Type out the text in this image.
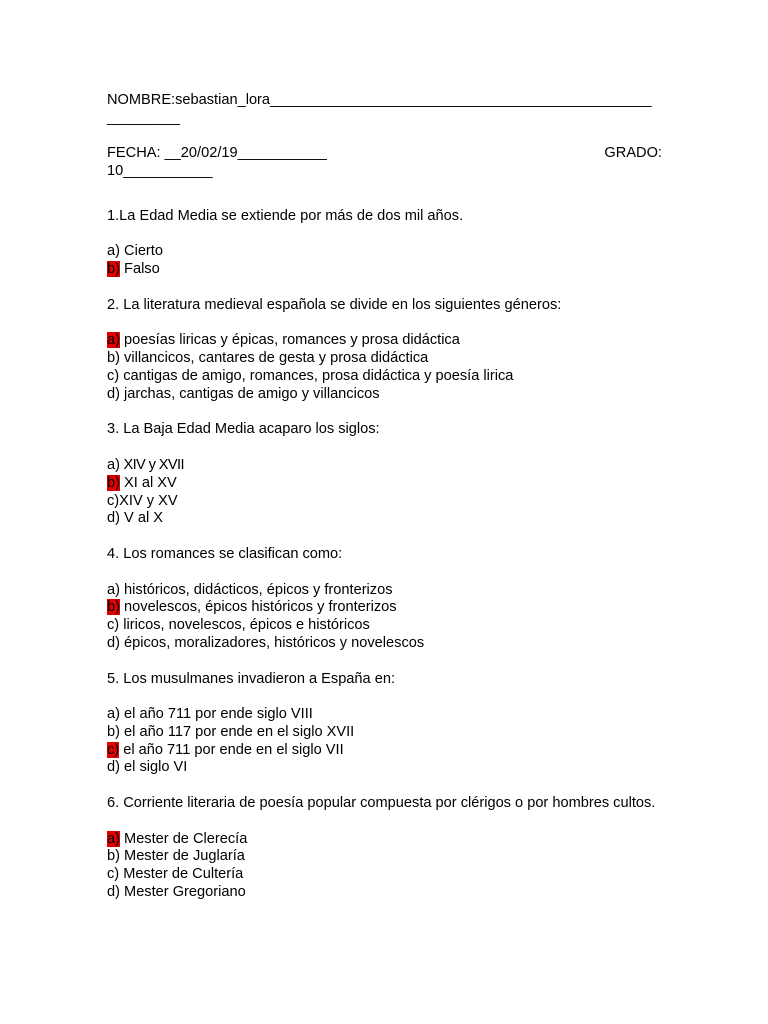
NOMBRE:sebastian_lora_______________________________________________
_________
FECHA: __20/02/19___________	GRADO:
10___________
1.La Edad Media se extiende por más de dos mil años.
a) Cierto
b) Falso
2. La literatura medieval española se divide en los siguientes géneros:
a) poesías liricas y épicas, romances y prosa didáctica
b) villancicos, cantares de gesta y prosa didáctica
c) cantigas de amigo, romances, prosa didáctica y poesía lirica
d) jarchas, cantigas de amigo y villancicos
3. La Baja Edad Media acaparo los siglos:
a) XIV y XVII
b) XI al XV
c)XIV y XV
d) V al X
4. Los romances se clasifican como:
a) históricos, didácticos, épicos y fronterizos
b) novelescos, épicos históricos y fronterizos
c) liricos, novelescos, épicos e históricos
d) épicos, moralizadores, históricos y novelescos
5. Los musulmanes invadieron a España en:
a) el año 711 por ende siglo VIII
b) el año 117 por ende en el siglo XVII
c) el año 711 por ende en el siglo VII
d) el siglo VI
6. Corriente literaria de poesía popular compuesta por clérigos o por hombres cultos.
a) Mester de Clerecía
b) Mester de Juglaría
c) Mester de Cultería
d) Mester Gregoriano
